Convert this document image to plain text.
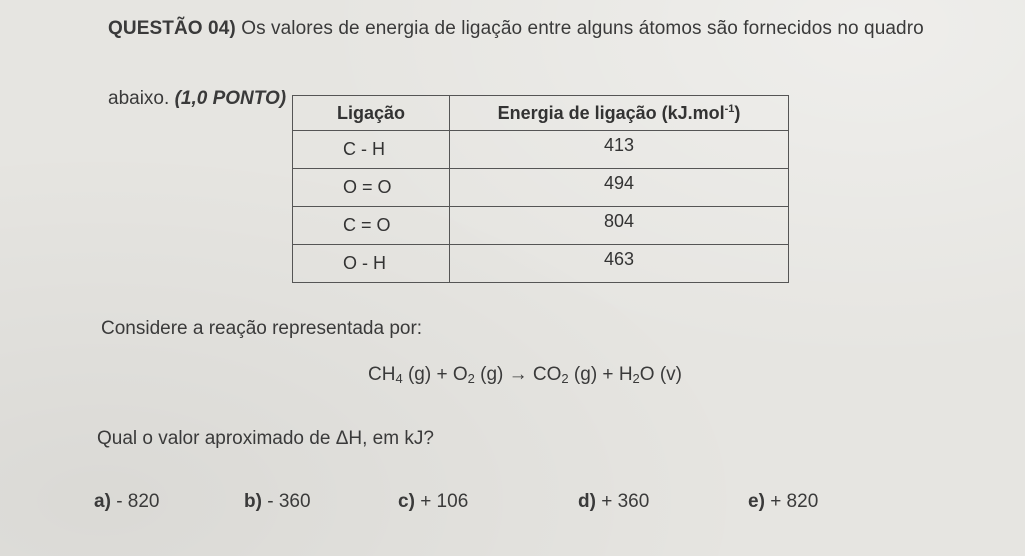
QUESTÃO 04) Os valores de energia de ligação entre alguns átomos são fornecidos no quadro
abaixo. (1,0 PONTO)
Ligação	Energia de ligação (kJ.mol$^{-1}$)
C - H	413
O = O	494
C = O	804
O - H	463
Considere a reação representada por:
$CH_4$ $(g) + O_2$ $(g) \to CO_2$ $(g) + H_2O$ (v)
Qual o valor aproximado de ΔH, em kJ?
a) - 820	b) - 360	c) + 106	d) + 360	e) + 820
